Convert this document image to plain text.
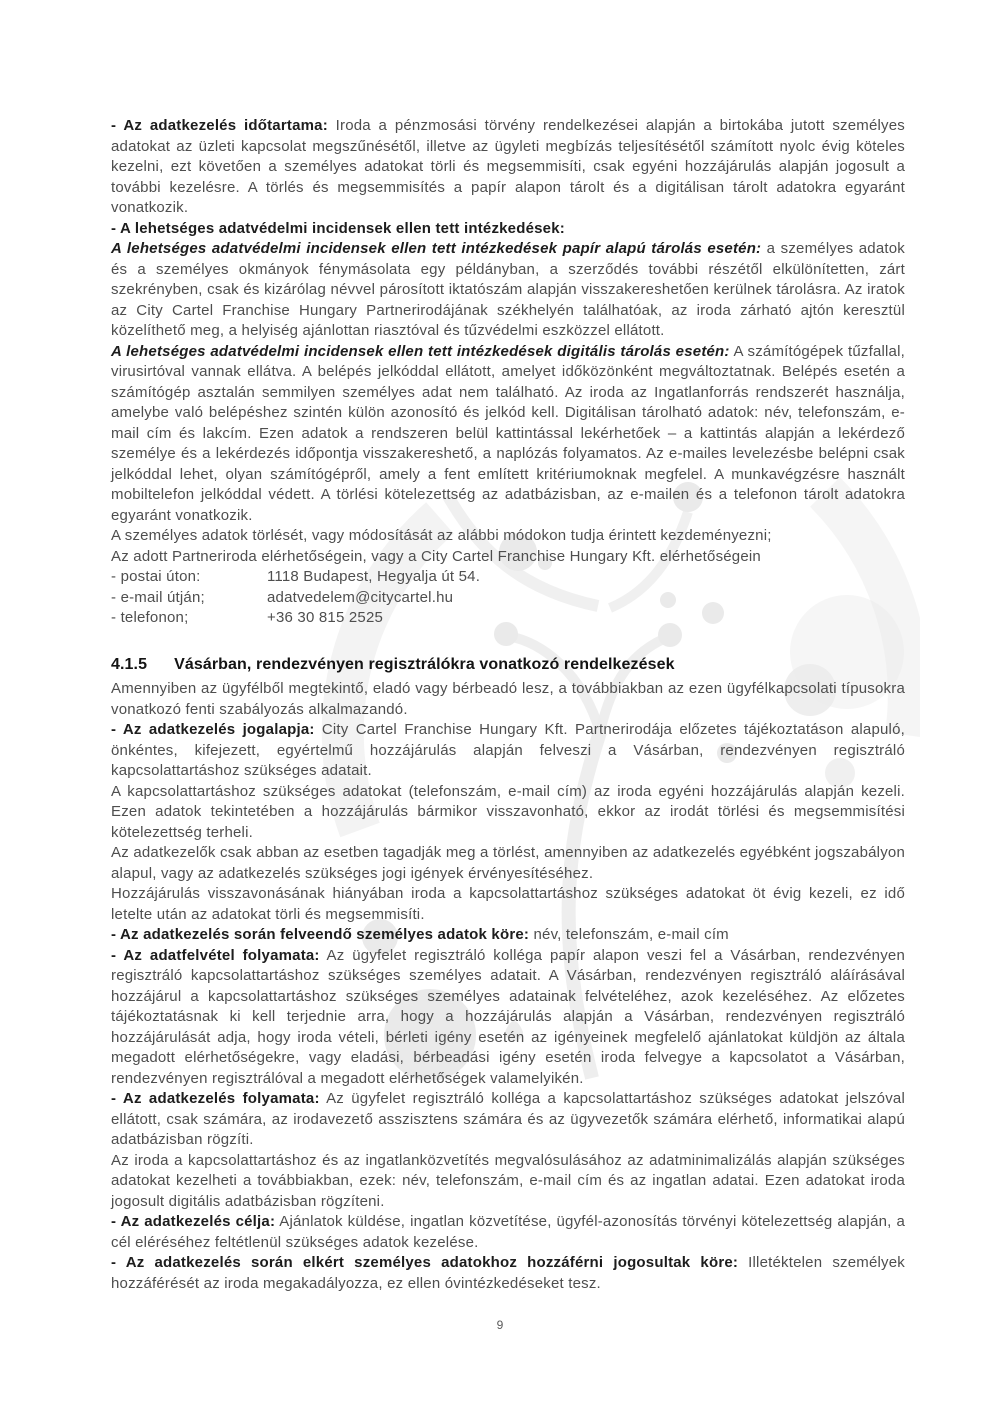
- Az adatkezelés időtartama: Iroda a pénzmosási törvény rendelkezései alapján a birtokába jutott személyes adatokat az üzleti kapcsolat megszűnésétől, illetve az ügyleti megbízás teljesítésétől számított nyolc évig köteles kezelni, ezt követően a személyes adatokat törli és megsemmisíti, csak egyéni hozzájárulás alapján jogosult a további kezelésre. A törlés és megsemmisítés a papír alapon tárolt és a digitálisan tárolt adatokra egyaránt vonatkozik.

- A lehetséges adatvédelmi incidensek ellen tett intézkedések:

A lehetséges adatvédelmi incidensek ellen tett intézkedések papír alapú tárolás esetén: a személyes adatok és a személyes okmányok fénymásolata egy példányban, a szerződés további részétől elkülönítetten, zárt szekrényben, csak és kizárólag névvel párosított iktatószám alapján visszakereshetően kerülnek tárolásra. Az iratok az City Cartel Franchise Hungary Partnerirodájának székhelyén találhatóak, az iroda zárható ajtón keresztül közelíthető meg, a helyiség ajánlottan riasztóval és tűzvédelmi eszközzel ellátott.

A lehetséges adatvédelmi incidensek ellen tett intézkedések digitális tárolás esetén: A számítógépek tűzfallal, virusirtóval vannak ellátva. A belépés jelkóddal ellátott, amelyet időközönként megváltoztatnak. Belépés esetén a számítógép asztalán semmilyen személyes adat nem található. Az iroda az Ingatlanforrás rendszerét használja, amelybe való belépéshez szintén külön azonosító és jelkód kell. Digitálisan tárolható adatok: név, telefonszám, e-mail cím és lakcím. Ezen adatok a rendszeren belül kattintással lekérhetőek – a kattintás alapján a lekérdező személye és a lekérdezés időpontja visszakereshető, a naplózás folyamatos. Az e-mailes levelezésbe belépni csak jelkóddal lehet, olyan számítógépről, amely a fent említett kritériumoknak megfelel. A munkavégzésre használt mobiltelefon jelkóddal védett. A törlési kötelezettség az adatbázisban, az e-mailen és a telefonon tárolt adatokra egyaránt vonatkozik.

A személyes adatok törlését, vagy módosítását az alábbi módokon tudja érintett kezdeményezni;

Az adott Partneriroda elérhetőségein, vagy a City Cartel Franchise Hungary Kft. elérhetőségein

- postai úton:	1118 Budapest, Hegyalja út 54.
- e-mail útján;	adatvedelem@citycartel.hu
- telefonon;	+36 30 815 2525
4.1.5 Vásárban, rendezvényen regisztrálókra vonatkozó rendelkezések

Amennyiben az ügyfélből megtekintő, eladó vagy bérbeadó lesz, a továbbiakban az ezen ügyfélkapcsolati típusokra vonatkozó fenti szabályozás alkalmazandó.

- Az adatkezelés jogalapja: City Cartel Franchise Hungary Kft. Partnerirodája előzetes tájékoztatáson alapuló, önkéntes, kifejezett, egyértelmű hozzájárulás alapján felveszi a Vásárban, rendezvényen regisztráló kapcsolattartáshoz szükséges adatait.

A kapcsolattartáshoz szükséges adatokat (telefonszám, e-mail cím) az iroda egyéni hozzájárulás alapján kezeli. Ezen adatok tekintetében a hozzájárulás bármikor visszavonható, ekkor az irodát törlési és megsemmisítési kötelezettség terheli.

Az adatkezelők csak abban az esetben tagadják meg a törlést, amennyiben az adatkezelés egyébként jogszabályon alapul, vagy az adatkezelés szükséges jogi igények érvényesítéséhez.

Hozzájárulás visszavonásának hiányában iroda a kapcsolattartáshoz szükséges adatokat öt évig kezeli, ez idő letelte után az adatokat törli és megsemmisíti.

- Az adatkezelés során felveendő személyes adatok köre: név, telefonszám, e-mail cím

- Az adatfelvétel folyamata: Az ügyfelet regisztráló kolléga papír alapon veszi fel a Vásárban, rendezvényen regisztráló kapcsolattartáshoz szükséges személyes adatait. A Vásárban, rendezvényen regisztráló aláírásával hozzájárul a kapcsolattartáshoz szükséges személyes adatainak felvételéhez, azok kezeléséhez. Az előzetes tájékoztatásnak ki kell terjednie arra, hogy a hozzájárulás alapján a Vásárban, rendezvényen regisztráló hozzájárulását adja, hogy iroda vételi, bérleti igény esetén az igényeinek megfelelő ajánlatokat küldjön az általa megadott elérhetőségekre, vagy eladási, bérbeadási igény esetén iroda felvegye a kapcsolatot a Vásárban, rendezvényen regisztrálóval a megadott elérhetőségek valamelyikén.

- Az adatkezelés folyamata: Az ügyfelet regisztráló kolléga a kapcsolattartáshoz szükséges adatokat jelszóval ellátott, csak számára, az irodavezető asszisztens számára és az ügyvezetők számára elérhető, informatikai alapú adatbázisban rögzíti.

Az iroda a kapcsolattartáshoz és az ingatlanközvetítés megvalósulásához az adatminimalizálás alapján szükséges adatokat kezelheti a továbbiakban, ezek: név, telefonszám, e-mail cím és az ingatlan adatai. Ezen adatokat iroda jogosult digitális adatbázisban rögzíteni.

- Az adatkezelés célja: Ajánlatok küldése, ingatlan közvetítése, ügyfél-azonosítás törvényi kötelezettség alapján, a cél eléréséhez feltétlenül szükséges adatok kezelése.

- Az adatkezelés során elkért személyes adatokhoz hozzáférni jogosultak köre: Illetéktelen személyek hozzáférését az iroda megakadályozza, ez ellen óvintézkedéseket tesz.

9
